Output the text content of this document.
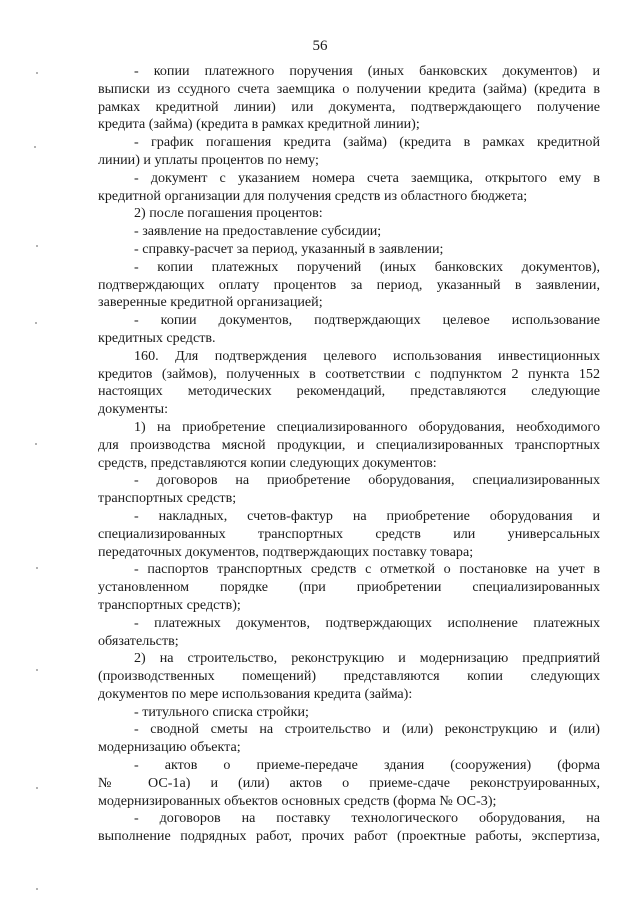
56
- копии платежного поручения (иных банковских документов) и
выписки из ссудного счета заемщика о получении кредита (займа) (кредита в
рамках кредитной линии) или документа, подтверждающего получение
кредита (займа) (кредита в рамках кредитной линии);
- график погашения кредита (займа) (кредита в рамках кредитной
линии) и уплаты процентов по нему;
- документ с указанием номера счета заемщика, открытого ему в
кредитной организации для получения средств из областного бюджета;
2) после погашения процентов:
- заявление на предоставление субсидии;
- справку-расчет за период, указанный в заявлении;
- копии платежных поручений (иных банковских документов),
подтверждающих оплату процентов за период, указанный в заявлении,
заверенные кредитной организацией;
- копии документов, подтверждающих целевое использование
кредитных средств.
160. Для подтверждения целевого использования инвестиционных
кредитов (займов), полученных в соответствии с подпунктом 2 пункта 152
настоящих методических рекомендаций, представляются следующие
документы:
1) на приобретение специализированного оборудования, необходимого
для производства мясной продукции, и специализированных транспортных
средств, представляются копии следующих документов:
- договоров на приобретение оборудования, специализированных
транспортных средств;
- накладных, счетов-фактур на приобретение оборудования и
специализированных транспортных средств или универсальных
передаточных документов, подтверждающих поставку товара;
- паспортов транспортных средств с отметкой о постановке на учет в
установленном порядке (при приобретении специализированных
транспортных средств);
- платежных документов, подтверждающих исполнение платежных
обязательств;
2) на строительство, реконструкцию и модернизацию предприятий
(производственных помещений) представляются копии следующих
документов по мере использования кредита (займа):
- титульного списка стройки;
- сводной сметы на строительство и (или) реконструкцию и (или)
модернизацию объекта;
- актов о приеме-передаче здания (сооружения) (форма
№ ОС-1а) и (или) актов о приеме-сдаче реконструированных,
модернизированных объектов основных средств (форма № ОС-3);
- договоров на поставку технологического оборудования, на
выполнение подрядных работ, прочих работ (проектные работы, экспертиза,
